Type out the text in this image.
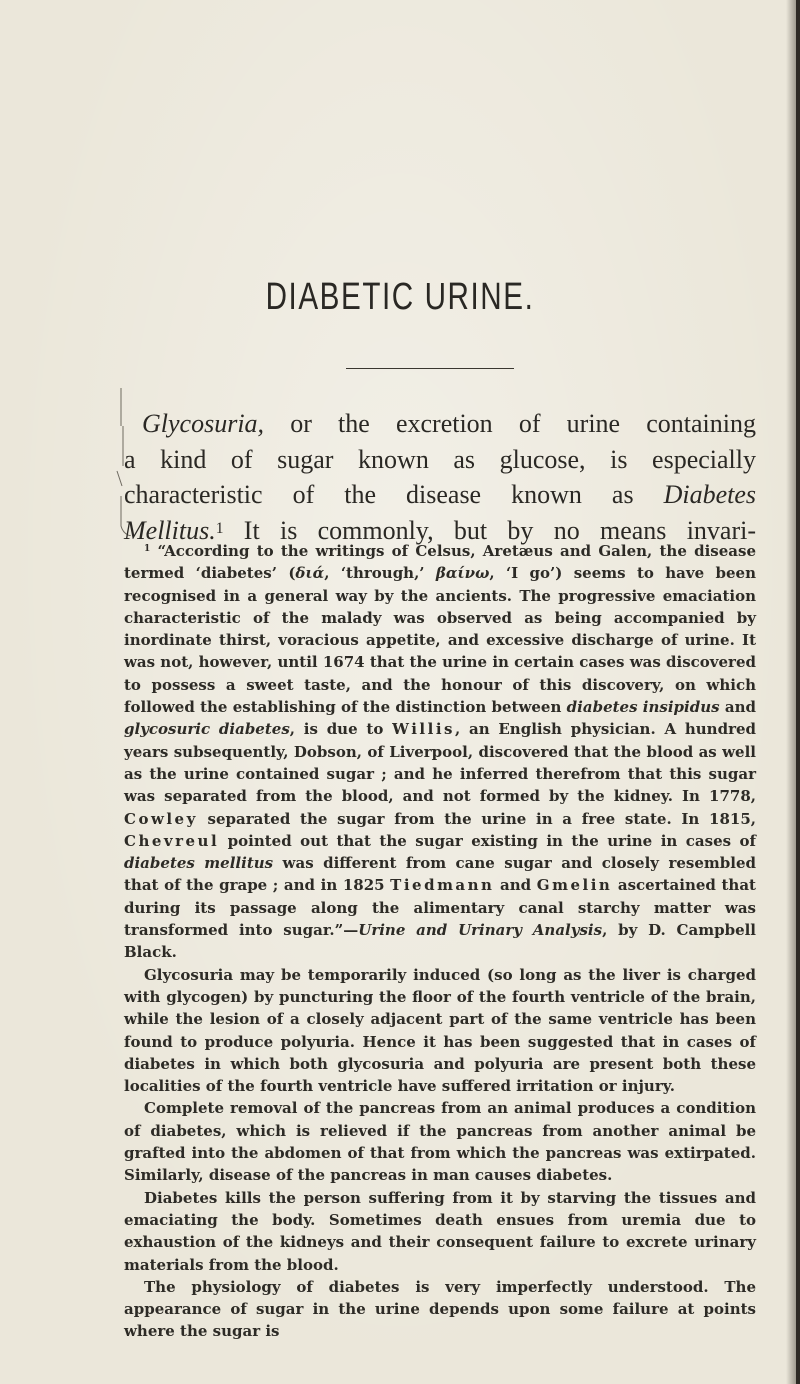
DIABETIC URINE.
Glycosuria, or the excretion of urine containing
a kind of sugar known as glucose, is especially
characteristic of the disease known as Diabetes
Mellitus.$^1$ It is commonly, but by no means invari-

$^1$ “According to the writings of Celsus, Aretæus and Galen, the disease termed ‘diabetes’ (διά, ‘through,’ βαίνω, ‘I go’) seems to have been recognised in a general way by the ancients. The progressive emaciation characteristic of the malady was observed as being accompanied by inordinate thirst, voracious appetite, and excessive discharge of urine. It was not, however, until 1674 that the urine in certain cases was discovered to possess a sweet taste, and the honour of this discovery, on which followed the establishing of the distinction between diabetes insipidus and glycosuric diabetes, is due to Willis, an English physician. A hundred years subsequently, Dobson, of Liverpool, discovered that the blood as well as the urine contained sugar ; and he inferred therefrom that this sugar was separated from the blood, and not formed by the kidney. In 1778, Cowley separated the sugar from the urine in a free state. In 1815, Chevreul pointed out that the sugar existing in the urine in cases of diabetes mellitus was different from cane sugar and closely resembled that of the grape ; and in 1825 Tiedmann and Gmelin ascertained that during its passage along the alimentary canal starchy matter was transformed into sugar.”—Urine and Urinary Analysis, by D. Campbell Black.

Glycosuria may be temporarily induced (so long as the liver is charged with glycogen) by puncturing the floor of the fourth ventricle of the brain, while the lesion of a closely adjacent part of the same ventricle has been found to produce polyuria. Hence it has been suggested that in cases of diabetes in which both glycosuria and polyuria are present both these localities of the fourth ventricle have suffered irritation or injury.

Complete removal of the pancreas from an animal produces a condition of diabetes, which is relieved if the pancreas from another animal be grafted into the abdomen of that from which the pancreas was extirpated. Similarly, disease of the pancreas in man causes diabetes.

Diabetes kills the person suffering from it by starving the tissues and emaciating the body. Sometimes death ensues from uremia due to exhaustion of the kidneys and their consequent failure to excrete urinary materials from the blood.

The physiology of diabetes is very imperfectly understood. The appearance of sugar in the urine depends upon some failure at points where the sugar is
